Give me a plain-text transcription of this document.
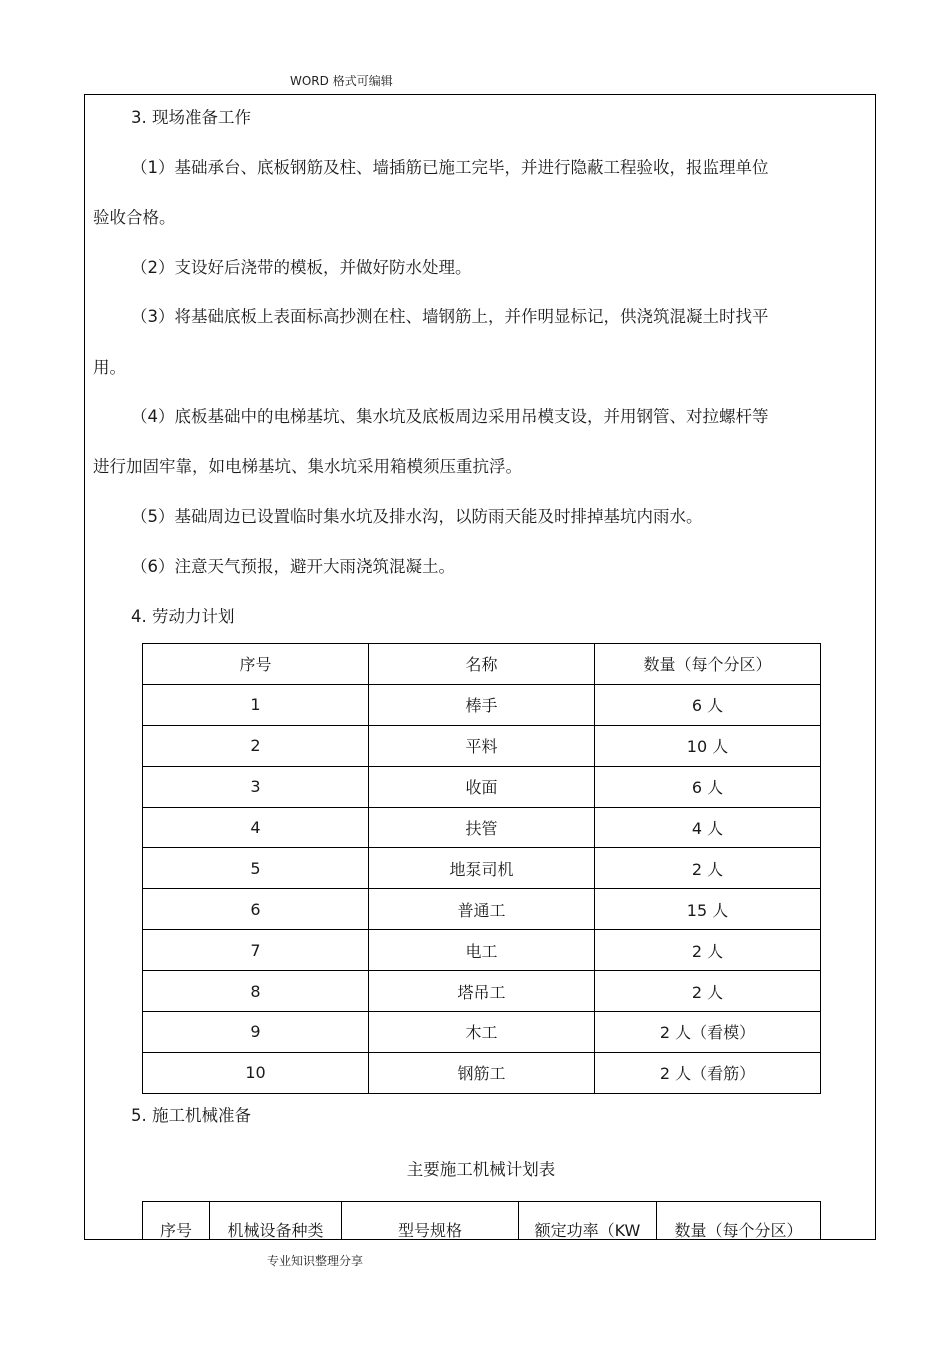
WORD 格式可编辑
3. 现场准备工作
（1）基础承台、底板钢筋及柱、墙插筋已施工完毕，并进行隐蔽工程验收，报监理单位
验收合格。
（2）支设好后浇带的模板，并做好防水处理。
（3）将基础底板上表面标高抄测在柱、墙钢筋上，并作明显标记，供浇筑混凝土时找平
用。
（4）底板基础中的电梯基坑、集水坑及底板周边采用吊模支设，并用钢管、对拉螺杆等
进行加固牢靠，如电梯基坑、集水坑采用箱模须压重抗浮。
（5）基础周边已设置临时集水坑及排水沟，以防雨天能及时排掉基坑内雨水。
（6）注意天气预报，避开大雨浇筑混凝土。
4. 劳动力计划
序号	名称	数量（每个分区）
1	棒手	6 人
2	平料	10 人
3	收面	6 人
4	扶管	4 人
5	地泵司机	2 人
6	普通工	15 人
7	电工	2 人
8	塔吊工	2 人
9	木工	2 人（看模）
10	钢筋工	2 人（看筋）
5. 施工机械准备
主要施工机械计划表
序号	机械设备种类	型号规格	额定功率（KW	数量（每个分区）
专业知识整理分享
